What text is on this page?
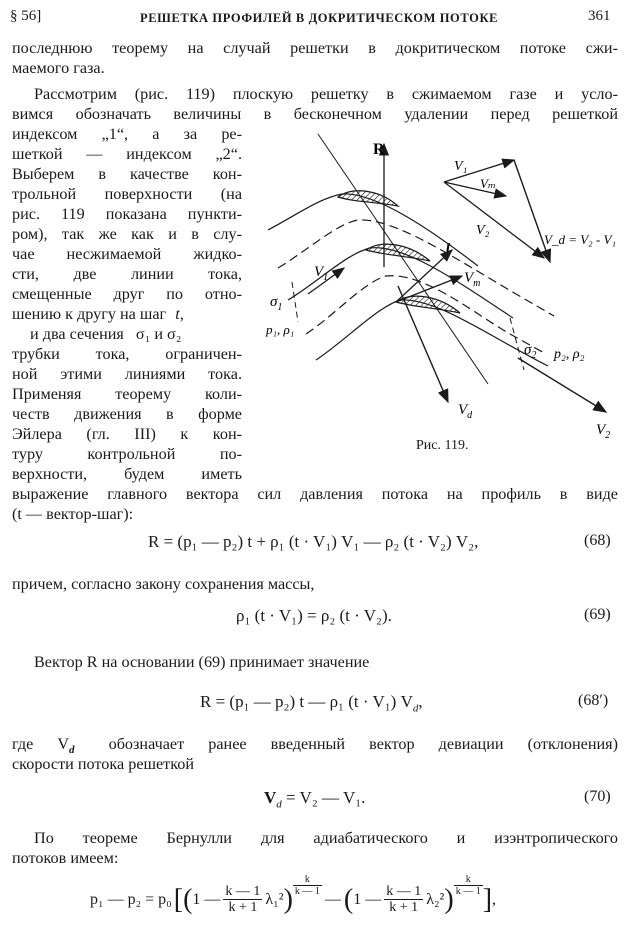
§ 56]	РЕШЕТКА ПРОФИЛЕЙ В ДОКРИТИЧЕСКОМ ПОТОКЕ	361
последнюю теорему на случай решетки в докритическом потоке сжи-
маемого газа.
Рассмотрим (рис. 119) плоскую решетку в сжимаемом газе и усло-
вимся обозначать величины в бесконечном удалении перед решеткой
индексом „1“, а за ре-
шеткой — индексом „2“.
Выберем в качестве кон-
трольной поверхности (на
рис. 119 показана пункти-
ром), так же как и в слу-
чае несжимаемой жидко-
сти, две линии тока,
смещенные друг по отно-
шению к другу на шаг t,
и два сечения σ₁ и σ₂
трубки тока, ограничен-
ной этими линиями тока.
Применяя теорему коли-
честв движения в форме
Эйлера (гл. III) к кон-
туру контрольной по-
верхности, будем иметь
R
t
$V_1$	$V_m$
$V_d$
$V_2$
$\sigma_1$
$\sigma_2$
p₁, ρ₁
p₂, ρ₂
V₁
Vₘ
V₂
V_d = V₂ - V₁
Рис. 119.
выражение главного вектора сил давления потока на профиль в виде
(t — вектор-шаг):
R = (p₁ — p₂) t + ρ₁ (t · V₁) V₁ — ρ₂ (t · V₂) V₂,	(68)
причем, согласно закону сохранения массы,
ρ₁ (t · V₁) = ρ₂ (t · V₂).	(69)
Вектор R на основании (69) принимает значение
R = (p₁ — p₂) t — ρ₁ (t · V₁) $V_d$,	(68′)
где $V_d$ обозначает ранее введенный вектор девиации (отклонения)
скорости потока решеткой
$V_d = V_2$ — V₁.	(70)
По теореме Бернулли для адиабатического и изэнтропического
потоков имеем:
p₁ — p₂ = p₀ [ ( 1 — $\frac{k — 1}{k + 1} \lambda_1^2$ ) $\frac{k}{k — 1}$
— ( 1 — $\frac{k — 1}{k + 1} \lambda_2^2$ ) $\frac{k}{k — 1}$ ] ,
